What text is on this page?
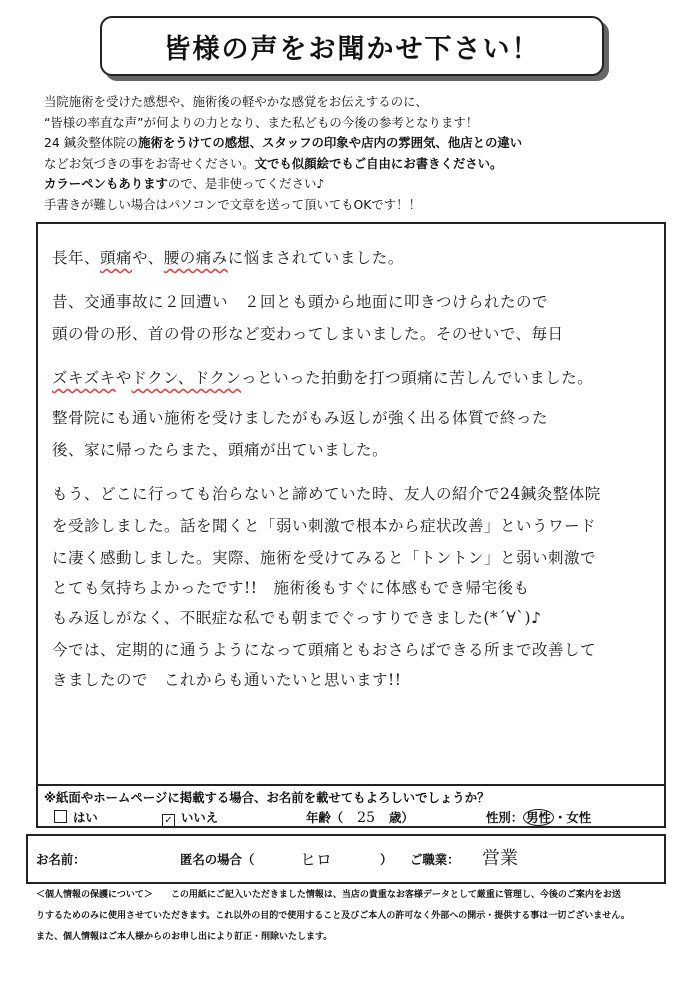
皆様の声をお聞かせ下さい！
当院施術を受けた感想や、施術後の軽やかな感覚をお伝えするのに、
“皆様の率直な声”が何よりの力となり、また私どもの今後の参考となります！
24 鍼灸整体院の施術をうけての感想、スタッフの印象や店内の雰囲気、他店との違い
などお気づきの事をお寄せください。文でも似顔絵でもご自由にお書きください。
カラーペンもありますので、是非使ってください♪
手書きが難しい場合はパソコンで文章を送って頂いてもOKです！！
長年、頭痛や、腰の痛みに悩まされていました。
昔、交通事故に２回遭い　２回とも頭から地面に叩きつけられたので
頭の骨の形、首の骨の形など変わってしまいました。そのせいで、毎日
ズキズキやドクン、ドクンっといった拍動を打つ頭痛に苦しんでいました。
整骨院にも通い施術を受けましたがもみ返しが強く出る体質で終った
後、家に帰ったらまた、頭痛が出ていました。
もう、どこに行っても治らないと諦めていた時、友人の紹介で24鍼灸整体院
を受診しました。話を聞くと「弱い刺激で根本から症状改善」というワード
に凄く感動しました。実際、施術を受けてみると「トントン」と弱い刺激で
とても気持ちよかったです!!　施術後もすぐに体感もでき帰宅後も
もみ返しがなく、不眠症な私でも朝までぐっすりできました(*´∀`)♪
今では、定期的に通うようになって頭痛ともおさらばできる所まで改善して
きましたので　これからも通いたいと思います!!
※紙面やホームページに掲載する場合、お名前を載せてもよろしいでしょうか？
はい	✓ いいえ	年齢（ 25 歳）	性別： 男性 ・女性
お名前：	匿名の場合（	ヒロ	） ご職業： 営業
＜個人情報の保護について＞　　この用紙にご記入いただきました情報は、当店の貴重なお客様データとして厳重に管理し、今後のご案内をお送
りするためのみに使用させていただきます。これ以外の目的で使用すること及びご本人の許可なく外部への開示・提供する事は一切ございません。
また、個人情報はご本人様からのお申し出により訂正・削除いたします。
